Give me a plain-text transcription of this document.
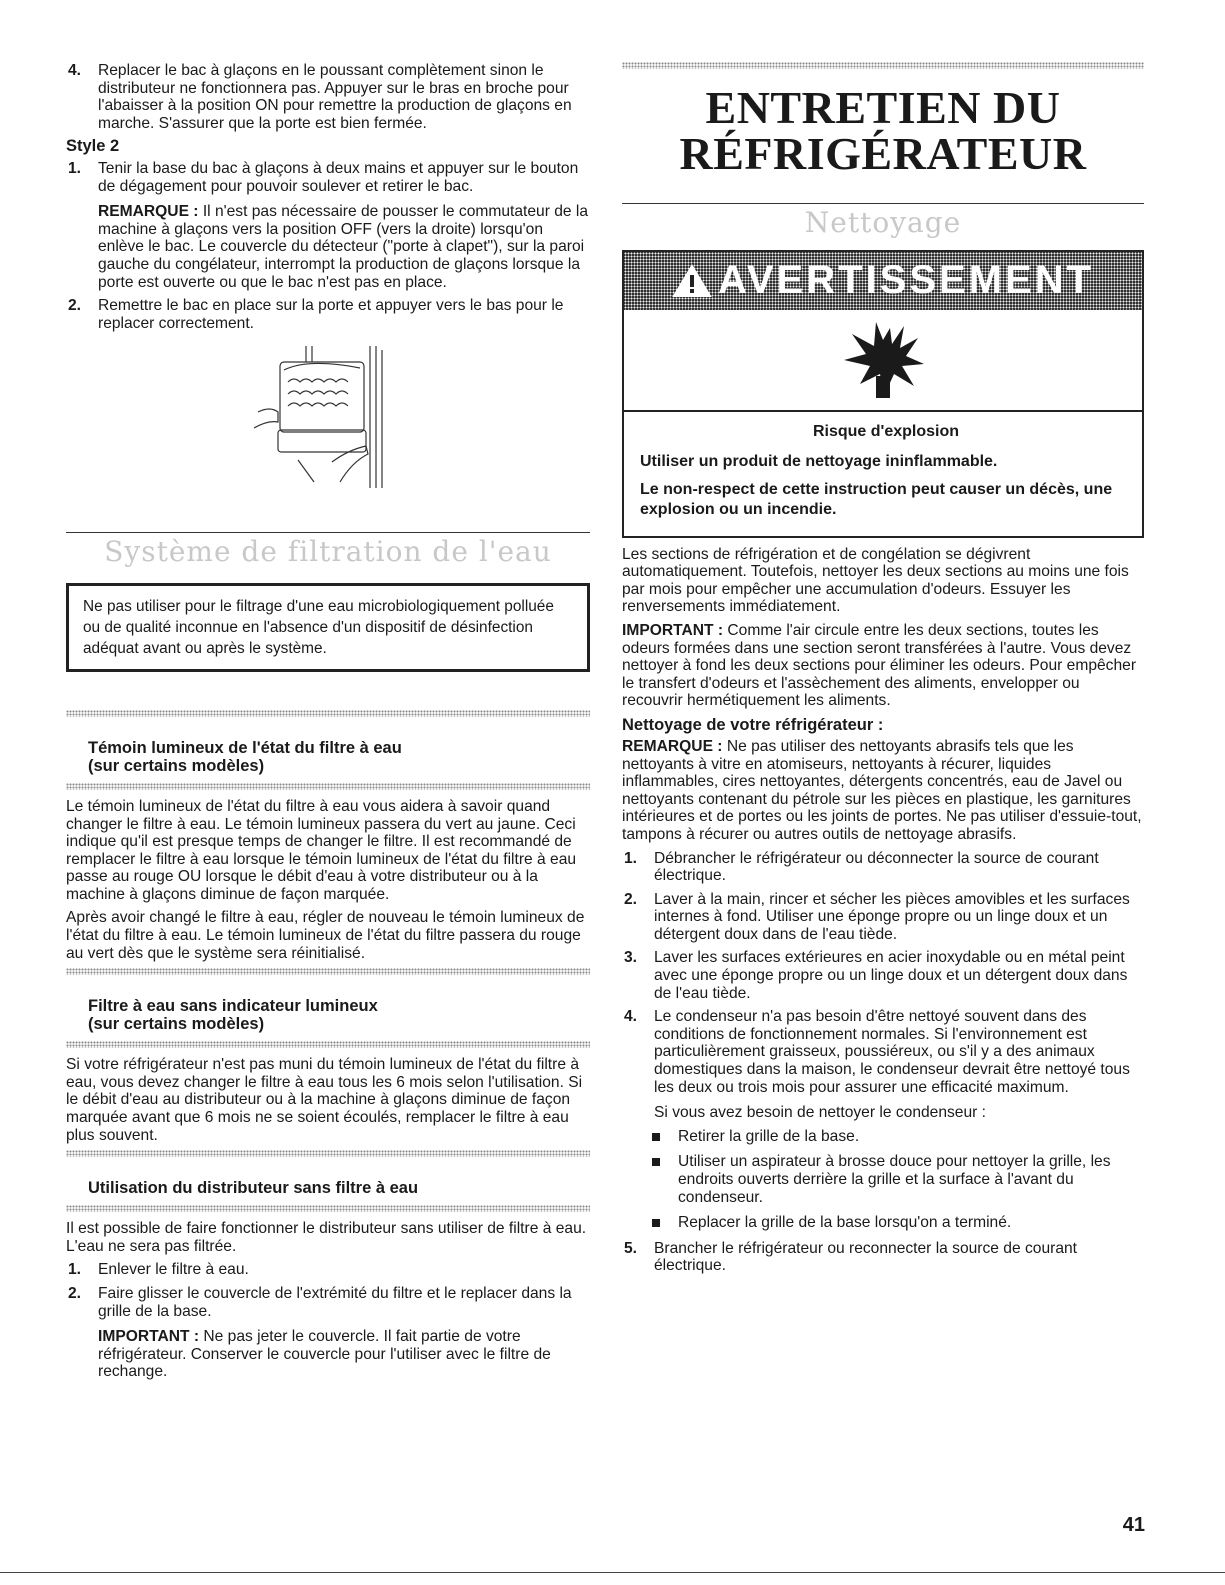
4.	Replacer le bac à glaçons en le poussant complètement sinon le distributeur ne fonctionnera pas. Appuyer sur le bras en broche pour l'abaisser à la position ON pour remettre la production de glaçons en marche. S'assurer que la porte est bien fermée.
Style 2
1.	Tenir la base du bac à glaçons à deux mains et appuyer sur le bouton de dégagement pour pouvoir soulever et retirer le bac.
REMARQUE : Il n'est pas nécessaire de pousser le commutateur de la machine à glaçons vers la position OFF (vers la droite) lorsqu'on enlève le bac. Le couvercle du détecteur ("porte à clapet"), sur la paroi gauche du congélateur, interrompt la production de glaçons lorsque la porte est ouverte ou que le bac n'est pas en place.
2.	Remettre le bac en place sur la porte et appuyer vers le bas pour le replacer correctement.
Système de filtration de l'eau
Ne pas utiliser pour le filtrage d'une eau microbiologiquement polluée ou de qualité inconnue en l'absence d'un dispositif de désinfection adéquat avant ou après le système.
Témoin lumineux de l'état du filtre à eau
(sur certains modèles)

Le témoin lumineux de l'état du filtre à eau vous aidera à savoir quand changer le filtre à eau. Le témoin lumineux passera du vert au jaune. Ceci indique qu'il est presque temps de changer le filtre. Il est recommandé de remplacer le filtre à eau lorsque le témoin lumineux de l'état du filtre à eau passe au rouge OU lorsque le débit d'eau à votre distributeur ou à la machine à glaçons diminue de façon marquée.

Après avoir changé le filtre à eau, régler de nouveau le témoin lumineux de l'état du filtre à eau. Le témoin lumineux de l'état du filtre passera du rouge au vert dès que le système sera réinitialisé.

Filtre à eau sans indicateur lumineux
(sur certains modèles)

Si votre réfrigérateur n'est pas muni du témoin lumineux de l'état du filtre à eau, vous devez changer le filtre à eau tous les 6 mois selon l'utilisation. Si le débit d'eau au distributeur ou à la machine à glaçons diminue de façon marquée avant que 6 mois ne se soient écoulés, remplacer le filtre à eau plus souvent.

Utilisation du distributeur sans filtre à eau

Il est possible de faire fonctionner le distributeur sans utiliser de filtre à eau. L'eau ne sera pas filtrée.

1.	Enlever le filtre à eau.
2.	Faire glisser le couvercle de l'extrémité du filtre et le replacer dans la grille de la base.
IMPORTANT : Ne pas jeter le couvercle. Il fait partie de votre réfrigérateur. Conserver le couvercle pour l'utiliser avec le filtre de rechange.
ENTRETIEN DU
RÉFRIGÉRATEUR
Nettoyage
AVERTISSEMENT
Risque d'explosion

Utiliser un produit de nettoyage ininflammable.

Le non-respect de cette instruction peut causer un décès, une explosion ou un incendie.

Les sections de réfrigération et de congélation se dégivrent automatiquement. Toutefois, nettoyer les deux sections au moins une fois par mois pour empêcher une accumulation d'odeurs. Essuyer les renversements immédiatement.

IMPORTANT : Comme l'air circule entre les deux sections, toutes les odeurs formées dans une section seront transférées à l'autre. Vous devez nettoyer à fond les deux sections pour éliminer les odeurs. Pour empêcher le transfert d'odeurs et l'assèchement des aliments, envelopper ou recouvrir hermétiquement les aliments.

Nettoyage de votre réfrigérateur :

REMARQUE : Ne pas utiliser des nettoyants abrasifs tels que les nettoyants à vitre en atomiseurs, nettoyants à récurer, liquides inflammables, cires nettoyantes, détergents concentrés, eau de Javel ou nettoyants contenant du pétrole sur les pièces en plastique, les garnitures intérieures et de portes ou les joints de portes. Ne pas utiliser d'essuie-tout, tampons à récurer ou autres outils de nettoyage abrasifs.

1.	Débrancher le réfrigérateur ou déconnecter la source de courant électrique.
2.	Laver à la main, rincer et sécher les pièces amovibles et les surfaces internes à fond. Utiliser une éponge propre ou un linge doux et un détergent doux dans de l'eau tiède.
3.	Laver les surfaces extérieures en acier inoxydable ou en métal peint avec une éponge propre ou un linge doux et un détergent doux dans de l'eau tiède.
4.	Le condenseur n'a pas besoin d'être nettoyé souvent dans des conditions de fonctionnement normales. Si l'environnement est particulièrement graisseux, poussiéreux, ou s'il y a des animaux domestiques dans la maison, le condenseur devrait être nettoyé tous les deux ou trois mois pour assurer une efficacité maximum.
Si vous avez besoin de nettoyer le condenseur :
Retirer la grille de la base.
Utiliser un aspirateur à brosse douce pour nettoyer la grille, les endroits ouverts derrière la grille et la surface à l'avant du condenseur.
Replacer la grille de la base lorsqu'on a terminé.
5.	Brancher le réfrigérateur ou reconnecter la source de courant électrique.
41
